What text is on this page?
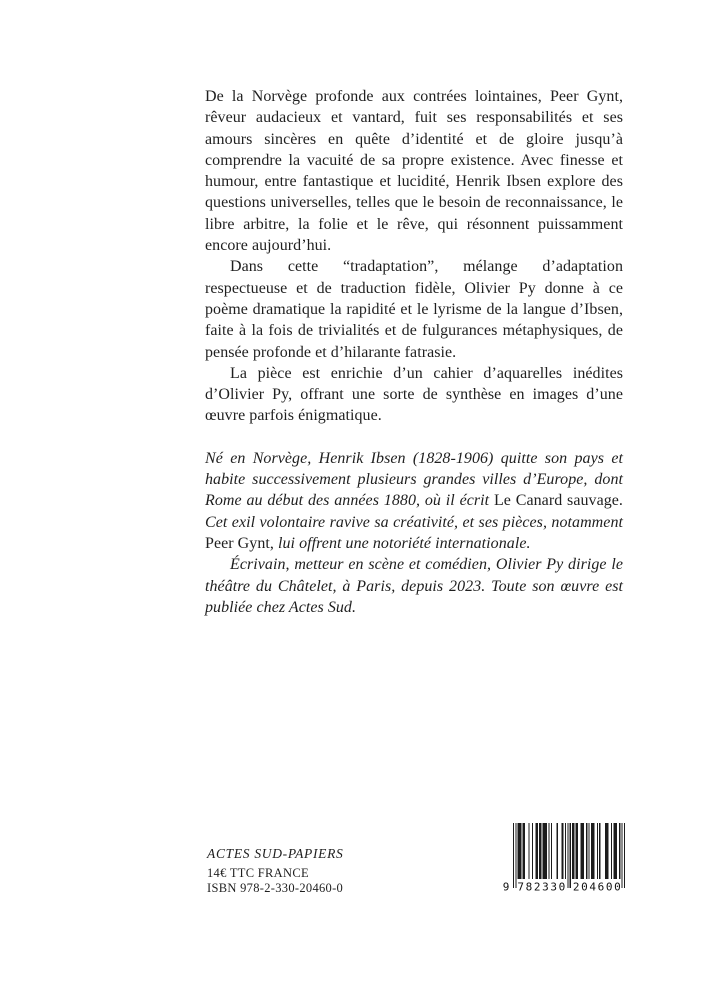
De la Norvège profonde aux contrées lointaines, Peer Gynt, rêveur audacieux et vantard, fuit ses responsabilités et ses amours sincères en quête d’identité et de gloire jusqu’à comprendre la vacuité de sa propre existence. Avec finesse et humour, entre fantastique et lucidité, Henrik Ibsen explore des questions universelles, telles que le besoin de reconnaissance, le libre arbitre, la folie et le rêve, qui résonnent puissamment encore aujourd’hui.

Dans cette “tradaptation”, mélange d’adaptation respectueuse et de traduction fidèle, Olivier Py donne à ce poème dramatique la rapidité et le lyrisme de la langue d’Ibsen, faite à la fois de trivialités et de fulgurances métaphysiques, de pensée profonde et d’hilarante fatrasie.

La pièce est enrichie d’un cahier d’aquarelles inédites d’Olivier Py, offrant une sorte de synthèse en images d’une œuvre parfois énigmatique.

Né en Norvège, Henrik Ibsen (1828-1906) quitte son pays et habite successivement plusieurs grandes villes d’Europe, dont Rome au début des années 1880, où il écrit Le Canard sauvage. Cet exil volontaire ravive sa créativité, et ses pièces, notamment Peer Gynt, lui offrent une notoriété internationale.

Écrivain, metteur en scène et comédien, Olivier Py dirige le théâtre du Châtelet, à Paris, depuis 2023. Toute son œuvre est publiée chez Actes Sud.

ACTES SUD-PAPIERS
14€ TTC FRANCE
ISBN 978-2-330-20460-0	9 7 8 2 3 3 0 2 0 4 6 0 0
